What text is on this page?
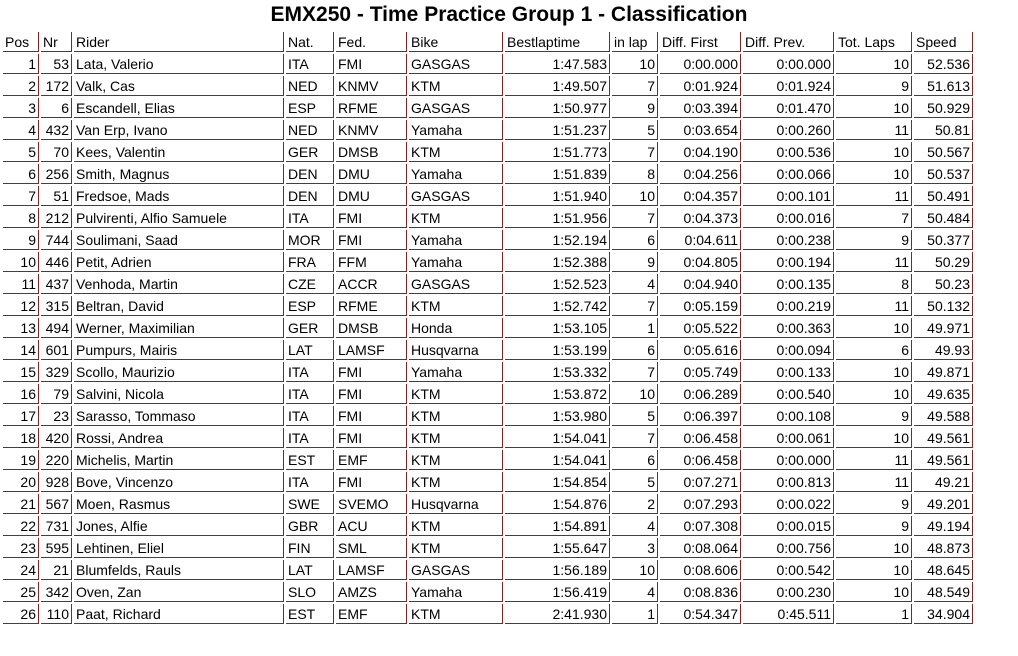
EMX250 - Time Practice Group 1 - Classification
Pos	Nr	Rider	Nat.	Fed.	Bike	Bestlaptime	in lap	Diff. First	Diff. Prev.	Tot. Laps	Speed
1	53	Lata, Valerio	ITA	FMI	GASGAS	1:47.583	10	0:00.000	0:00.000	10	52.536
2	172	Valk, Cas	NED	KNMV	KTM	1:49.507	7	0:01.924	0:01.924	9	51.613
3	6	Escandell, Elias	ESP	RFME	GASGAS	1:50.977	9	0:03.394	0:01.470	10	50.929
4	432	Van Erp, Ivano	NED	KNMV	Yamaha	1:51.237	5	0:03.654	0:00.260	11	50.81
5	70	Kees, Valentin	GER	DMSB	KTM	1:51.773	7	0:04.190	0:00.536	10	50.567
6	256	Smith, Magnus	DEN	DMU	Yamaha	1:51.839	8	0:04.256	0:00.066	10	50.537
7	51	Fredsoe, Mads	DEN	DMU	GASGAS	1:51.940	10	0:04.357	0:00.101	11	50.491
8	212	Pulvirenti, Alfio Samuele	ITA	FMI	KTM	1:51.956	7	0:04.373	0:00.016	7	50.484
9	744	Soulimani, Saad	MOR	FMI	Yamaha	1:52.194	6	0:04.611	0:00.238	9	50.377
10	446	Petit, Adrien	FRA	FFM	Yamaha	1:52.388	9	0:04.805	0:00.194	11	50.29
11	437	Venhoda, Martin	CZE	ACCR	GASGAS	1:52.523	4	0:04.940	0:00.135	8	50.23
12	315	Beltran, David	ESP	RFME	KTM	1:52.742	7	0:05.159	0:00.219	11	50.132
13	494	Werner, Maximilian	GER	DMSB	Honda	1:53.105	1	0:05.522	0:00.363	10	49.971
14	601	Pumpurs, Mairis	LAT	LAMSF	Husqvarna	1:53.199	6	0:05.616	0:00.094	6	49.93
15	329	Scollo, Maurizio	ITA	FMI	Yamaha	1:53.332	7	0:05.749	0:00.133	10	49.871
16	79	Salvini, Nicola	ITA	FMI	KTM	1:53.872	10	0:06.289	0:00.540	10	49.635
17	23	Sarasso, Tommaso	ITA	FMI	KTM	1:53.980	5	0:06.397	0:00.108	9	49.588
18	420	Rossi, Andrea	ITA	FMI	KTM	1:54.041	7	0:06.458	0:00.061	10	49.561
19	220	Michelis, Martin	EST	EMF	KTM	1:54.041	6	0:06.458	0:00.000	11	49.561
20	928	Bove, Vincenzo	ITA	FMI	KTM	1:54.854	5	0:07.271	0:00.813	11	49.21
21	567	Moen, Rasmus	SWE	SVEMO	Husqvarna	1:54.876	2	0:07.293	0:00.022	9	49.201
22	731	Jones, Alfie	GBR	ACU	KTM	1:54.891	4	0:07.308	0:00.015	9	49.194
23	595	Lehtinen, Eliel	FIN	SML	KTM	1:55.647	3	0:08.064	0:00.756	10	48.873
24	21	Blumfelds, Rauls	LAT	LAMSF	GASGAS	1:56.189	10	0:08.606	0:00.542	10	48.645
25	342	Oven, Zan	SLO	AMZS	Yamaha	1:56.419	4	0:08.836	0:00.230	10	48.549
26	110	Paat, Richard	EST	EMF	KTM	2:41.930	1	0:54.347	0:45.511	1	34.904
